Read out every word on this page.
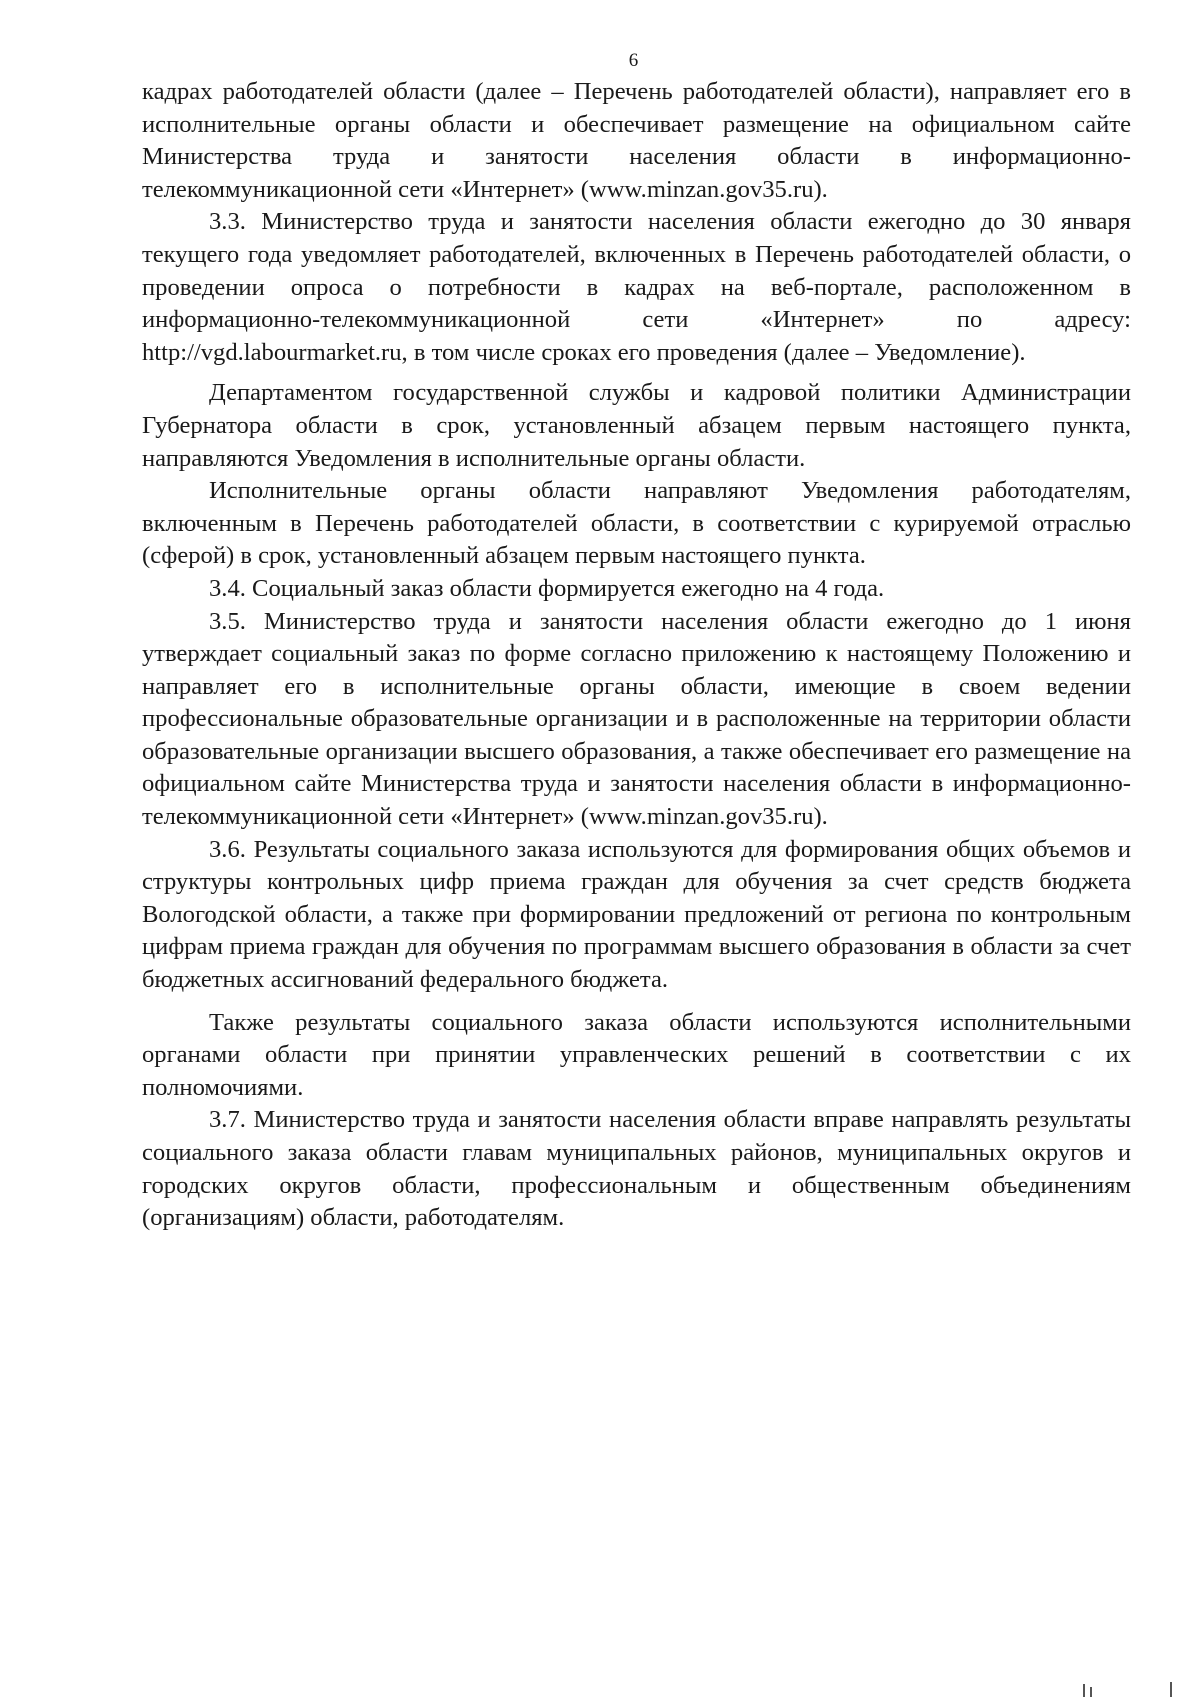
6

кадрах работодателей области (далее – Перечень работодателей области), направляет его в исполнительные органы области и обеспечивает размещение на официальном сайте Министерства труда и занятости населения области в информационно-телекоммуникационной сети «Интернет» (www.minzan.gov35.ru).

3.3. Министерство труда и занятости населения области ежегодно до 30 января текущего года уведомляет работодателей, включенных в Перечень работодателей области, о проведении опроса о потребности в кадрах на веб-портале, расположенном в информационно-телекоммуникационной сети «Интернет» по адресу: http://vgd.labourmarket.ru, в том числе сроках его проведения (далее – Уведомление).

Департаментом государственной службы и кадровой политики Администрации Губернатора области в срок, установленный абзацем первым настоящего пункта, направляются Уведомления в исполнительные органы области.

Исполнительные органы области направляют Уведомления работодателям, включенным в Перечень работодателей области, в соответствии с курируемой отраслью (сферой) в срок, установленный абзацем первым настоящего пункта.

3.4. Социальный заказ области формируется ежегодно на 4 года.

3.5. Министерство труда и занятости населения области ежегодно до 1 июня утверждает социальный заказ по форме согласно приложению к настоящему Положению и направляет его в исполнительные органы области, имеющие в своем ведении профессиональные образовательные организации и в расположенные на территории области образовательные организации высшего образования, а также обеспечивает его размещение на официальном сайте Министерства труда и занятости населения области в информационно-телекоммуникационной сети «Интернет» (www.minzan.gov35.ru).

3.6. Результаты социального заказа используются для формирования общих объемов и структуры контрольных цифр приема граждан для обучения за счет средств бюджета Вологодской области, а также при формировании предложений от региона по контрольным цифрам приема граждан для обучения по программам высшего образования в области за счет бюджетных ассигнований федерального бюджета.

Также результаты социального заказа области используются исполнительными органами области при принятии управленческих решений в соответствии с их полномочиями.

3.7. Министерство труда и занятости населения области вправе направлять результаты социального заказа области главам муниципальных районов, муниципальных округов и городских округов области, профессиональным и общественным объединениям (организациям) области, работодателям.
